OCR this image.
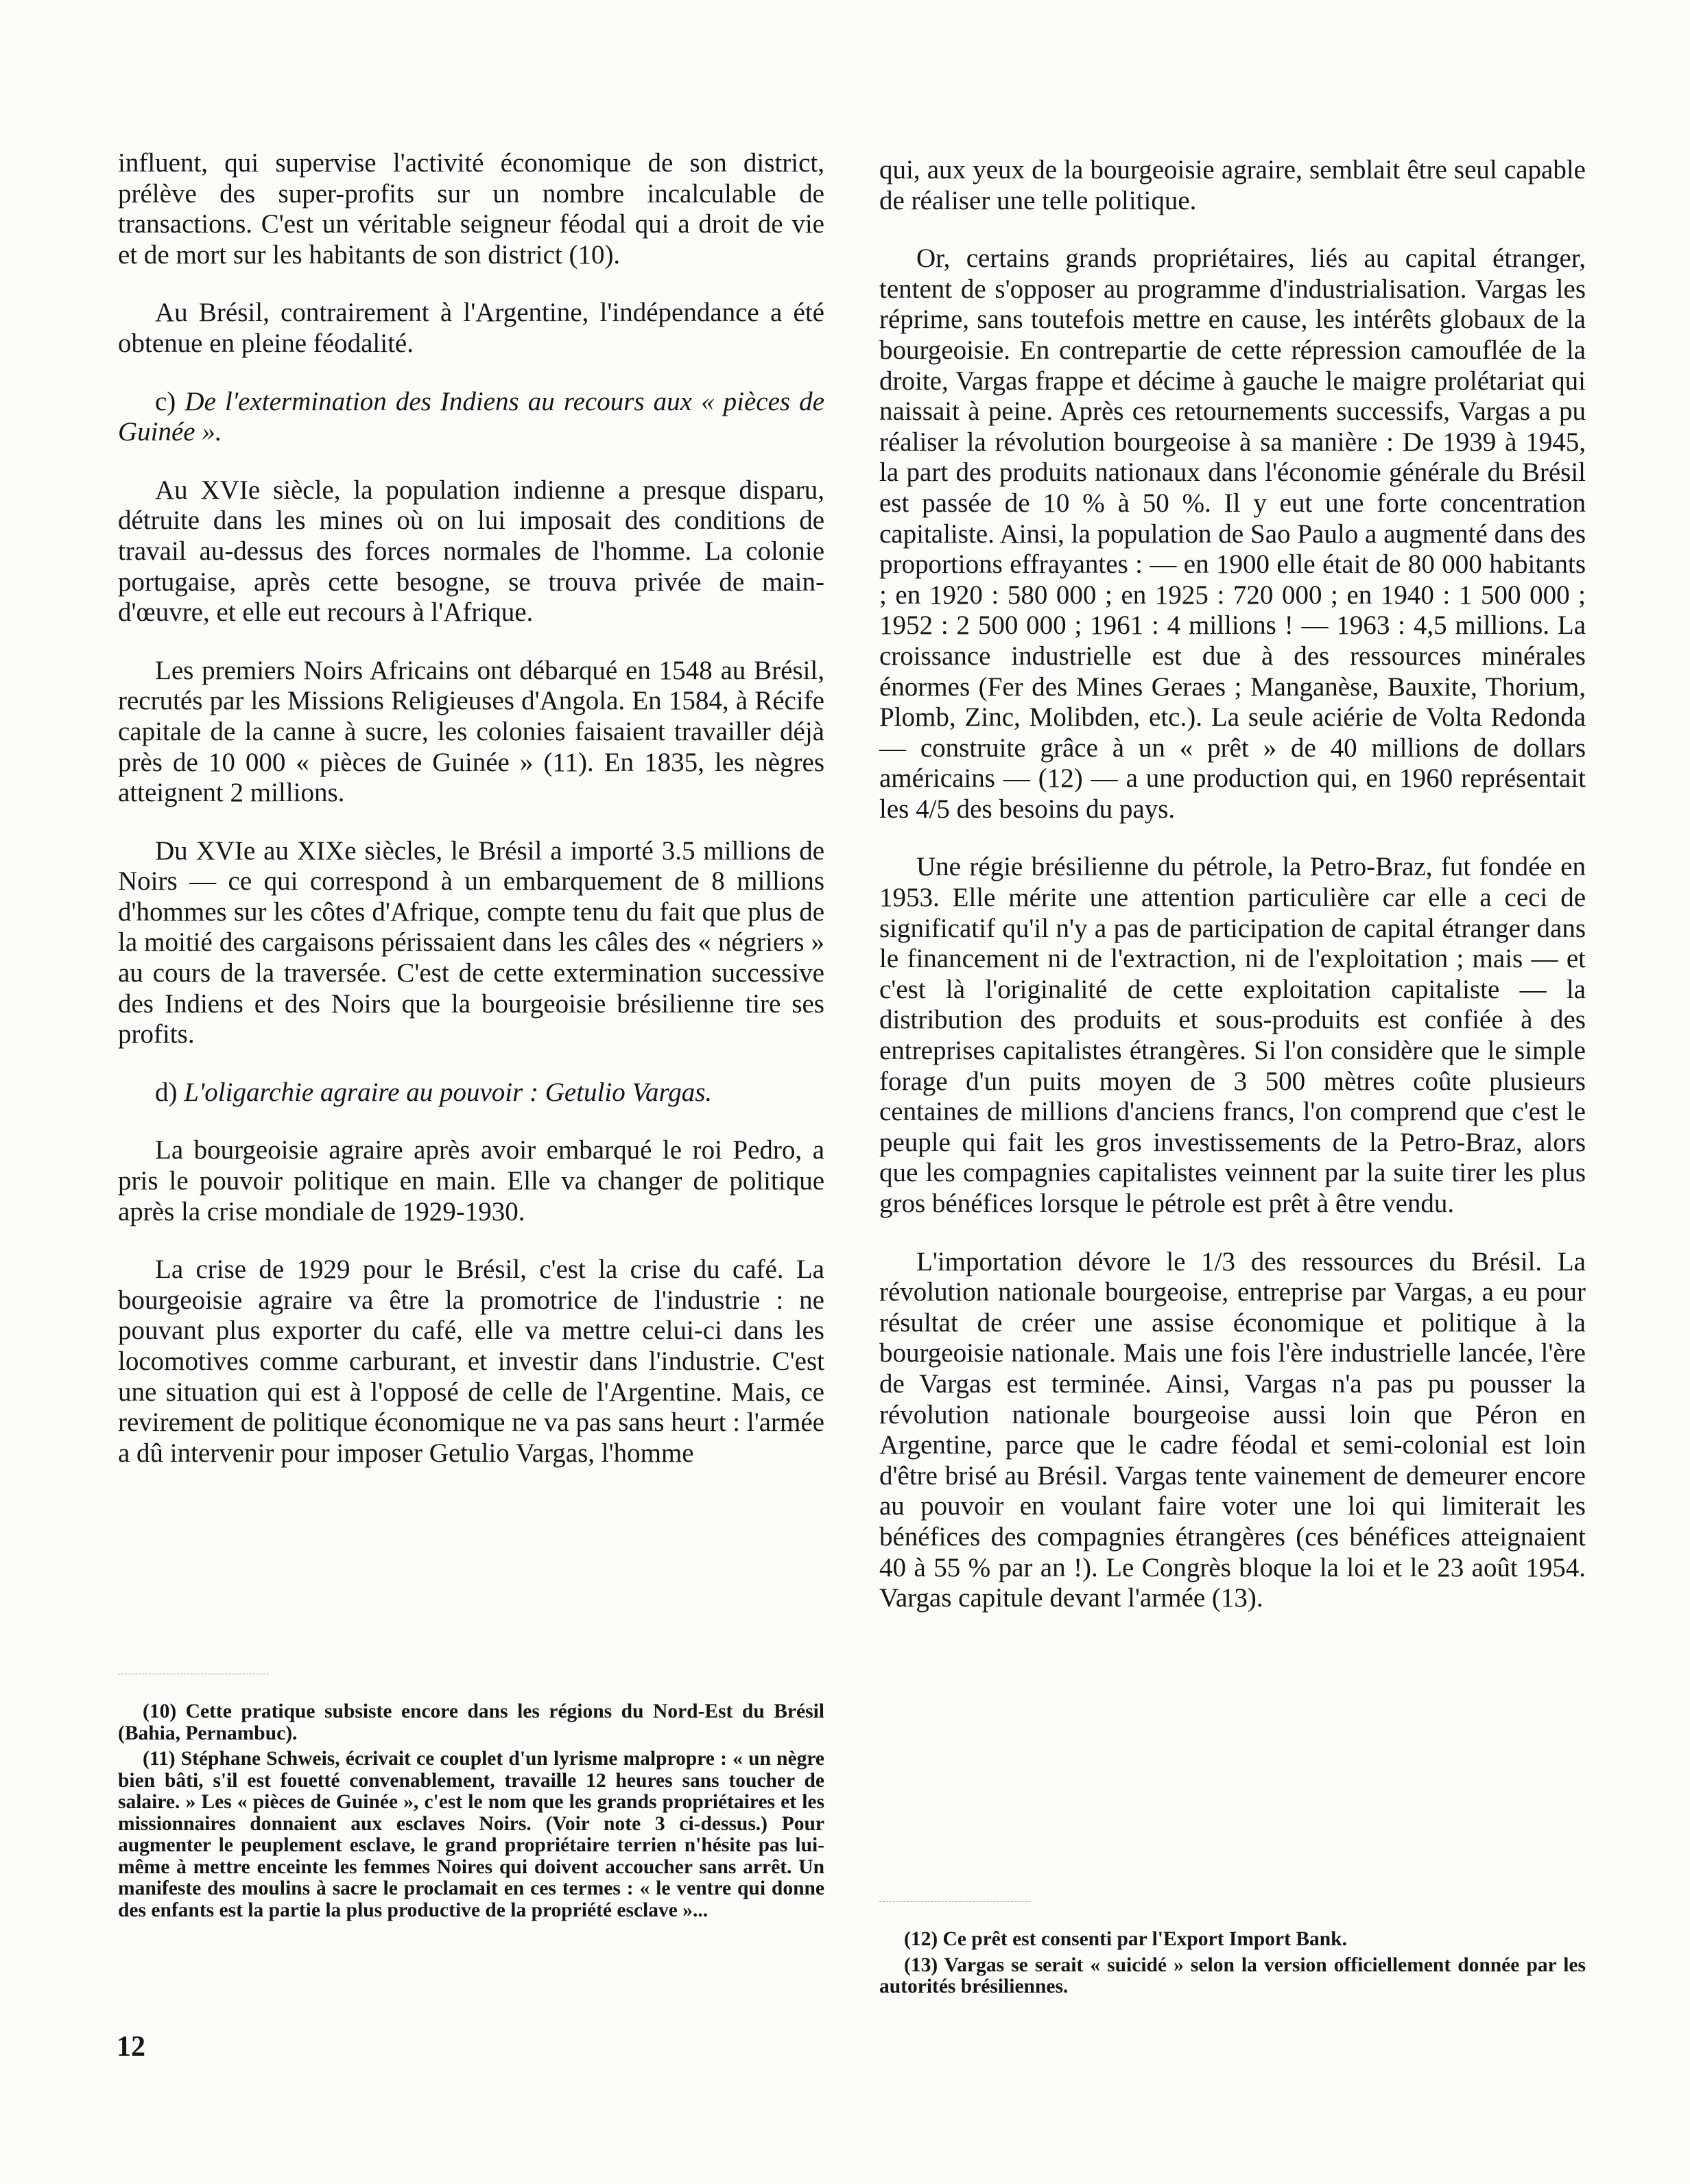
influent, qui supervise l'activité économique de son district, prélève des super-profits sur un nombre incalculable de transactions. C'est un véritable seigneur féodal qui a droit de vie et de mort sur les habitants de son district (10).

Au Brésil, contrairement à l'Argentine, l'indépendance a été obtenue en pleine féodalité.

c) De l'extermination des Indiens au recours aux « pièces de Guinée ».

Au XVIe siècle, la population indienne a presque disparu, détruite dans les mines où on lui imposait des conditions de travail au-dessus des forces normales de l'homme. La colonie portugaise, après cette besogne, se trouva privée de main-d'œuvre, et elle eut recours à l'Afrique.

Les premiers Noirs Africains ont débarqué en 1548 au Brésil, recrutés par les Missions Religieuses d'Angola. En 1584, à Récife capitale de la canne à sucre, les colonies faisaient travailler déjà près de 10 000 « pièces de Guinée » (11). En 1835, les nègres atteignent 2 millions.

Du XVIe au XIXe siècles, le Brésil a importé 3.5 millions de Noirs — ce qui correspond à un embarquement de 8 millions d'hommes sur les côtes d'Afrique, compte tenu du fait que plus de la moitié des cargaisons périssaient dans les câles des « négriers » au cours de la traversée. C'est de cette extermination successive des Indiens et des Noirs que la bourgeoisie brésilienne tire ses profits.

d) L'oligarchie agraire au pouvoir : Getulio Vargas.

La bourgeoisie agraire après avoir embarqué le roi Pedro, a pris le pouvoir politique en main. Elle va changer de politique après la crise mondiale de 1929-1930.

La crise de 1929 pour le Brésil, c'est la crise du café. La bourgeoisie agraire va être la promotrice de l'industrie : ne pouvant plus exporter du café, elle va mettre celui-ci dans les locomotives comme carburant, et investir dans l'industrie. C'est une situation qui est à l'opposé de celle de l'Argentine. Mais, ce revirement de politique économique ne va pas sans heurt : l'armée a dû intervenir pour imposer Getulio Vargas, l'homme

(10) Cette pratique subsiste encore dans les régions du Nord-Est du Brésil (Bahia, Pernambuc).

(11) Stéphane Schweis, écrivait ce couplet d'un lyrisme malpropre : « un nègre bien bâti, s'il est fouetté convenablement, travaille 12 heures sans toucher de salaire. » Les « pièces de Guinée », c'est le nom que les grands propriétaires et les missionnaires donnaient aux esclaves Noirs. (Voir note 3 ci-dessus.) Pour augmenter le peuplement esclave, le grand propriétaire terrien n'hésite pas lui-même à mettre enceinte les femmes Noires qui doivent accoucher sans arrêt. Un manifeste des moulins à sacre le proclamait en ces termes : « le ventre qui donne des enfants est la partie la plus productive de la propriété esclave »...

qui, aux yeux de la bourgeoisie agraire, semblait être seul capable de réaliser une telle politique.

Or, certains grands propriétaires, liés au capital étranger, tentent de s'opposer au programme d'industrialisation. Vargas les réprime, sans toutefois mettre en cause, les intérêts globaux de la bourgeoisie. En contrepartie de cette répression camouflée de la droite, Vargas frappe et décime à gauche le maigre prolétariat qui naissait à peine. Après ces retournements successifs, Vargas a pu réaliser la révolution bourgeoise à sa manière : De 1939 à 1945, la part des produits nationaux dans l'économie générale du Brésil est passée de 10 % à 50 %. Il y eut une forte concentration capitaliste. Ainsi, la population de Sao Paulo a augmenté dans des proportions effrayantes : — en 1900 elle était de 80 000 habitants ; en 1920 : 580 000 ; en 1925 : 720 000 ; en 1940 : 1 500 000 ; 1952 : 2 500 000 ; 1961 : 4 millions ! — 1963 : 4,5 millions. La croissance industrielle est due à des ressources minérales énormes (Fer des Mines Geraes ; Manganèse, Bauxite, Thorium, Plomb, Zinc, Molibden, etc.). La seule aciérie de Volta Redonda — construite grâce à un « prêt » de 40 millions de dollars américains — (12) — a une production qui, en 1960 représentait les 4/5 des besoins du pays.

Une régie brésilienne du pétrole, la Petro-Braz, fut fondée en 1953. Elle mérite une attention particulière car elle a ceci de significatif qu'il n'y a pas de participation de capital étranger dans le financement ni de l'extraction, ni de l'exploitation ; mais — et c'est là l'originalité de cette exploitation capitaliste — la distribution des produits et sous-produits est confiée à des entreprises capitalistes étrangères. Si l'on considère que le simple forage d'un puits moyen de 3 500 mètres coûte plusieurs centaines de millions d'anciens francs, l'on comprend que c'est le peuple qui fait les gros investissements de la Petro-Braz, alors que les compagnies capitalistes veinnent par la suite tirer les plus gros bénéfices lorsque le pétrole est prêt à être vendu.

L'importation dévore le 1/3 des ressources du Brésil. La révolution nationale bourgeoise, entreprise par Vargas, a eu pour résultat de créer une assise économique et politique à la bourgeoisie nationale. Mais une fois l'ère industrielle lancée, l'ère de Vargas est terminée. Ainsi, Vargas n'a pas pu pousser la révolution nationale bourgeoise aussi loin que Péron en Argentine, parce que le cadre féodal et semi-colonial est loin d'être brisé au Brésil. Vargas tente vainement de demeurer encore au pouvoir en voulant faire voter une loi qui limiterait les bénéfices des compagnies étrangères (ces bénéfices atteignaient 40 à 55 % par an !). Le Congrès bloque la loi et le 23 août 1954. Vargas capitule devant l'armée (13).

(12) Ce prêt est consenti par l'Export Import Bank.

(13) Vargas se serait « suicidé » selon la version officiellement donnée par les autorités brésiliennes.

12
